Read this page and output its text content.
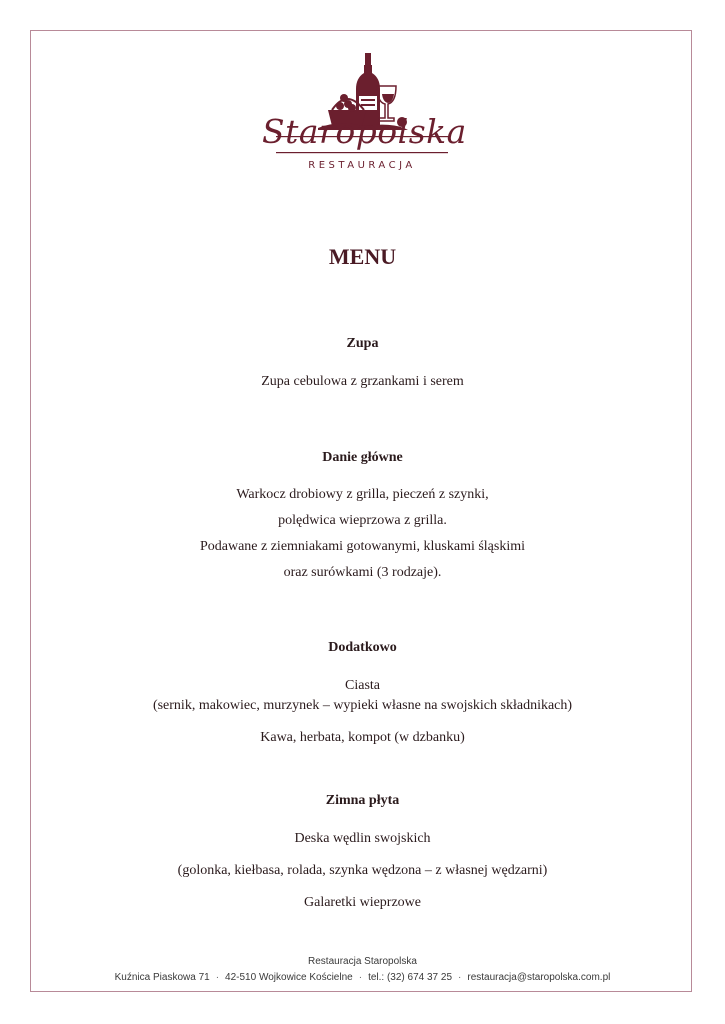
Staropolska
RESTAURACJA
MENU
Zupa
Zupa cebulowa z grzankami i serem
Danie główne
Warkocz drobiowy z grilla, pieczeń z szynki,
polędwica wieprzowa z grilla.
Podawane z ziemniakami gotowanymi, kluskami śląskimi
oraz surówkami (3 rodzaje).
Dodatkowo
Ciasta
(sernik, makowiec, murzynek – wypieki własne na swojskich składnikach)
Kawa, herbata, kompot (w dzbanku)
Zimna płyta
Deska wędlin swojskich
(golonka, kiełbasa, rolada, szynka wędzona – z własnej wędzarni)
Galaretki wieprzowe
Restauracja Staropolska
Kuźnica Piaskowa 71 · 42-510 Wojkowice Kościelne · tel.: (32) 674 37 25 · restauracja@staropolska.com.pl
